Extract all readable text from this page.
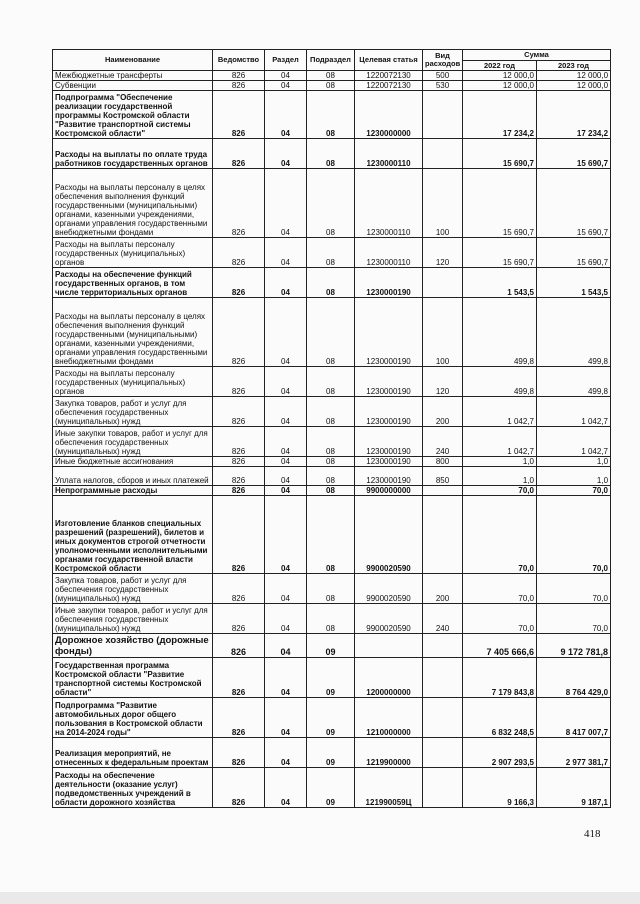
Наименование	Ведомство	Раздел	Подраздел	Целевая статья	Вид расходов	Сумма	
						2022 год	2023 год
Межбюджетные трансферты	826	04	08	1220072130	500	12 000,0	12 000,0
Субвенции	826	04	08	1220072130	530	12 000,0	12 000,0
Подпрограмма "Обеспечение реализации государственной программы Костромской области "Развитие транспортной системы Костромской области"	826	04	08	1230000000		17 234,2	17 234,2
Расходы на выплаты по оплате труда работников государственных органов	826	04	08	1230000110		15 690,7	15 690,7
Расходы на выплаты персоналу в целях обеспечения выполнения функций государственными (муниципальными) органами, казенными учреждениями, органами управления государственными внебюджетными фондами	826	04	08	1230000110	100	15 690,7	15 690,7
Расходы на выплаты персоналу государственных (муниципальных) органов	826	04	08	1230000110	120	15 690,7	15 690,7
Расходы на обеспечение функций государственных органов, в том числе территориальных органов	826	04	08	1230000190		1 543,5	1 543,5
Расходы на выплаты персоналу в целях обеспечения выполнения функций государственными (муниципальными) органами, казенными учреждениями, органами управления государственными внебюджетными фондами	826	04	08	1230000190	100	499,8	499,8
Расходы на выплаты персоналу государственных (муниципальных) органов	826	04	08	1230000190	120	499,8	499,8
Закупка товаров, работ и услуг для обеспечения государственных (муниципальных) нужд	826	04	08	1230000190	200	1 042,7	1 042,7
Иные закупки товаров, работ и услуг для обеспечения государственных (муниципальных) нужд	826	04	08	1230000190	240	1 042,7	1 042,7
Иные бюджетные ассигнования	826	04	08	1230000190	800	1,0	1,0
Уплата налогов, сборов и иных платежей	826	04	08	1230000190	850	1,0	1,0
Непрограммные расходы	826	04	08	9900000000		70,0	70,0
Изготовление бланков специальных разрешений (разрешений), билетов и иных документов строгой отчетности уполномоченными исполнительными органами государственной власти Костромской области	826	04	08	9900020590		70,0	70,0
Закупка товаров, работ и услуг для обеспечения государственных (муниципальных) нужд	826	04	08	9900020590	200	70,0	70,0
Иные закупки товаров, работ и услуг для обеспечения государственных (муниципальных) нужд	826	04	08	9900020590	240	70,0	70,0
Дорожное хозяйство (дорожные фонды)	826	04	09			7 405 666,6	9 172 781,8
Государственная программа Костромской области "Развитие транспортной системы Костромской области"	826	04	09	1200000000		7 179 843,8	8 764 429,0
Подпрограмма "Развитие автомобильных дорог общего пользования в Костромской области на 2014-2024 годы"	826	04	09	1210000000		6 832 248,5	8 417 007,7
Реализация мероприятий, не отнесенных к федеральным проектам	826	04	09	1219900000		2 907 293,5	2 977 381,7
Расходы на обеспечение деятельности (оказание услуг) подведомственных учреждений в области дорожного хозяйства	826	04	09	121990059Ц		9 166,3	9 187,1
418
